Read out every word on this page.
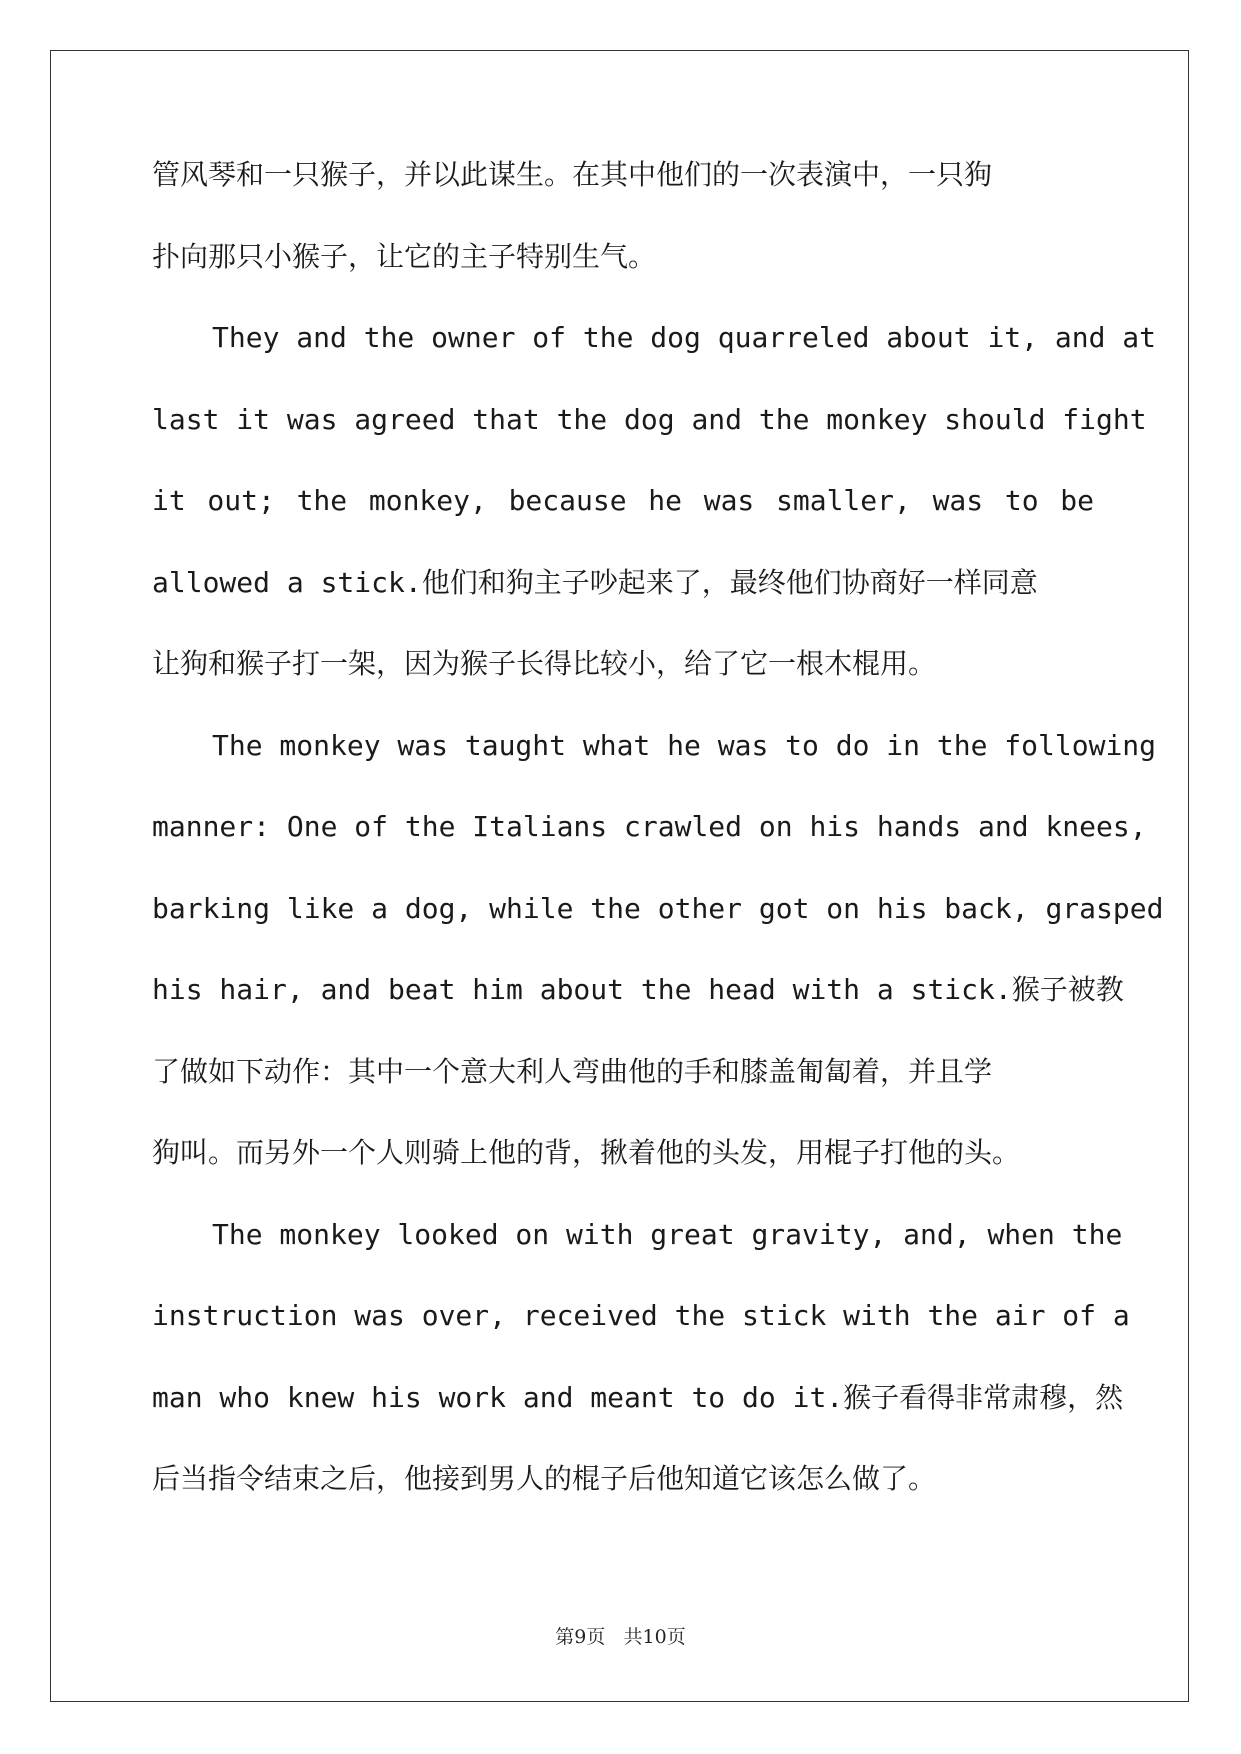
管风琴和一只猴子，并以此谋生。在其中他们的一次表演中，一只狗
扑向那只小猴子，让它的主子特别生气。
They and the owner of the dog quarreled about it, and at
last it was agreed that the dog and the monkey should fight
it out; the monkey, because he was smaller, was to be
allowed a stick.他们和狗主子吵起来了，最终他们协商好一样同意
让狗和猴子打一架，因为猴子长得比较小，给了它一根木棍用。
The monkey was taught what he was to do in the following
manner: One of the Italians crawled on his hands and knees,
barking like a dog, while the other got on his back, grasped
his hair, and beat him about the head with a stick.猴子被教
了做如下动作：其中一个意大利人弯曲他的手和膝盖匍匐着，并且学
狗叫。而另外一个人则骑上他的背，揪着他的头发，用棍子打他的头。
The monkey looked on with great gravity, and, when the
instruction was over, received the stick with the air of a
man who knew his work and meant to do it.猴子看得非常肃穆，然
后当指令结束之后，他接到男人的棍子后他知道它该怎么做了。
第9页 共10页
